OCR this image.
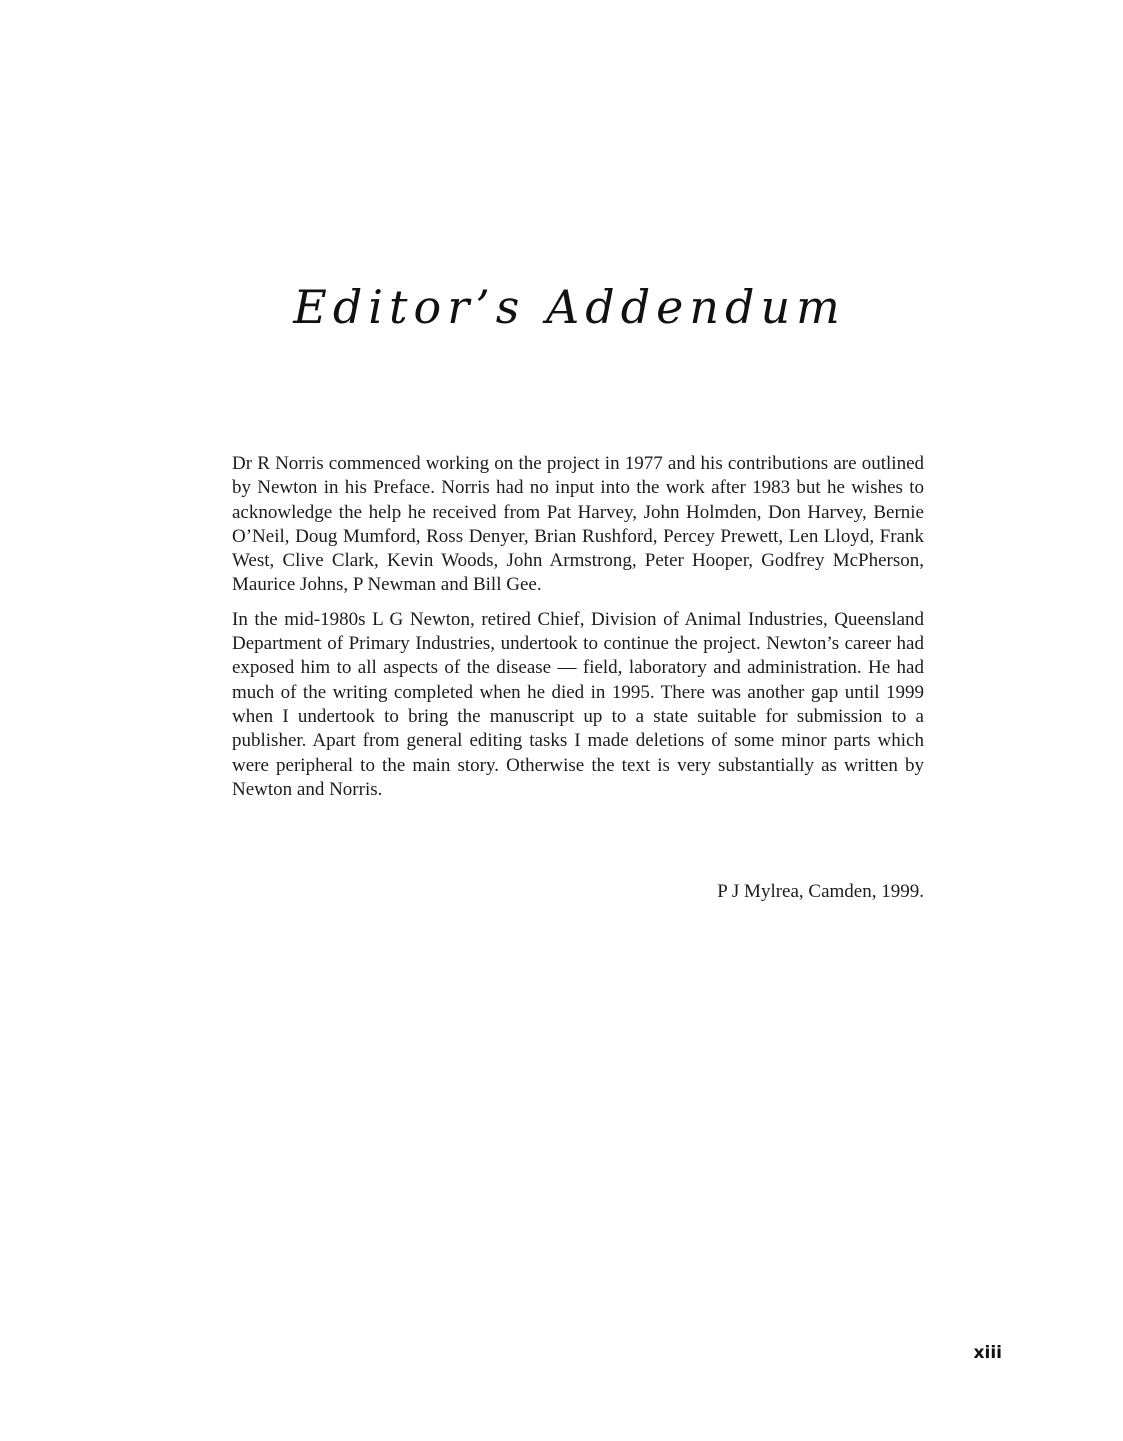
Editor’s Addendum

Dr R Norris commenced working on the project in 1977 and his contributions are outlined by Newton in his Preface. Norris had no input into the work after 1983 but he wishes to acknowledge the help he received from Pat Harvey, John Holmden, Don Harvey, Bernie O’Neil, Doug Mumford, Ross Denyer, Brian Rushford, Percey Prewett, Len Lloyd, Frank West, Clive Clark, Kevin Woods, John Armstrong, Peter Hooper, Godfrey McPherson, Maurice Johns, P Newman and Bill Gee.

In the mid-1980s L G Newton, retired Chief, Division of Animal Industries, Queensland Department of Primary Industries, undertook to continue the project. Newton’s career had exposed him to all aspects of the disease — field, laboratory and administration. He had much of the writing completed when he died in 1995. There was another gap until 1999 when I undertook to bring the manuscript up to a state suitable for submission to a publisher. Apart from general editing tasks I made deletions of some minor parts which were peripheral to the main story. Otherwise the text is very substantially as written by Newton and Norris.

P J Mylrea, Camden, 1999.
xiii
